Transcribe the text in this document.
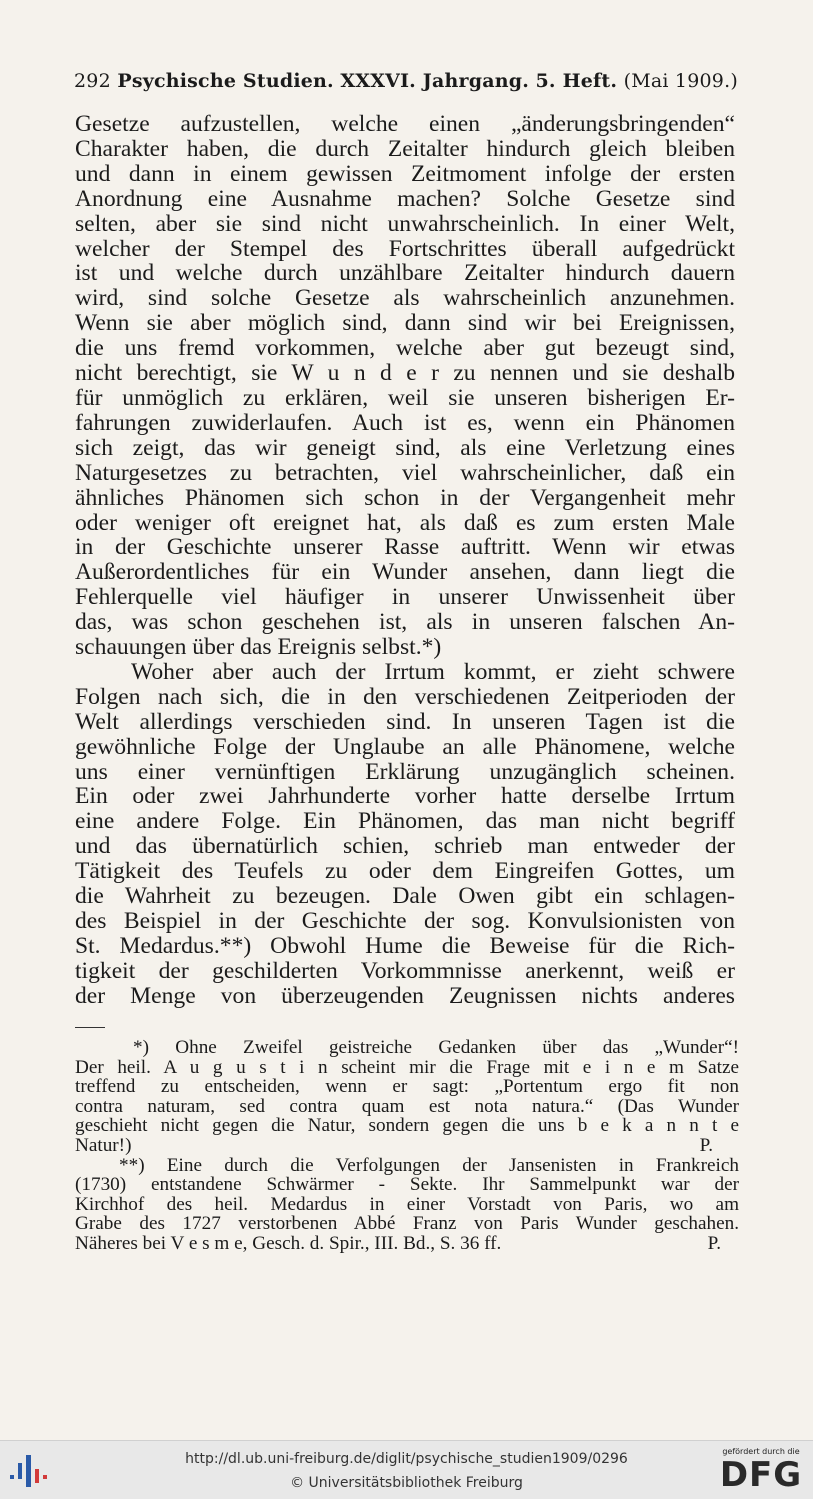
292 Psychische Studien. XXXVI. Jahrgang. 5. Heft. (Mai 1909.)
Gesetze aufzustellen, welche einen „änderungsbringenden“
Charakter haben, die durch Zeitalter hindurch gleich bleiben
und dann in einem gewissen Zeitmoment infolge der ersten
Anordnung eine Ausnahme machen? Solche Gesetze sind
selten, aber sie sind nicht unwahrscheinlich. In einer Welt,
welcher der Stempel des Fortschrittes überall aufgedrückt
ist und welche durch unzählbare Zeitalter hindurch dauern
wird, sind solche Gesetze als wahrscheinlich anzunehmen.
Wenn sie aber möglich sind, dann sind wir bei Ereignissen,
die uns fremd vorkommen, welche aber gut bezeugt sind,
nicht berechtigt, sie W u n d e r zu nennen und sie deshalb
für unmöglich zu erklären, weil sie unseren bisherigen Er-
fahrungen zuwiderlaufen. Auch ist es, wenn ein Phänomen
sich zeigt, das wir geneigt sind, als eine Verletzung eines
Naturgesetzes zu betrachten, viel wahrscheinlicher, daß ein
ähnliches Phänomen sich schon in der Vergangenheit mehr
oder weniger oft ereignet hat, als daß es zum ersten Male
in der Geschichte unserer Rasse auftritt. Wenn wir etwas
Außerordentliches für ein Wunder ansehen, dann liegt die
Fehlerquelle viel häufiger in unserer Unwissenheit über
das, was schon geschehen ist, als in unseren falschen An-
schauungen über das Ereignis selbst.*)
Woher aber auch der Irrtum kommt, er zieht schwere
Folgen nach sich, die in den verschiedenen Zeitperioden der
Welt allerdings verschieden sind. In unseren Tagen ist die
gewöhnliche Folge der Unglaube an alle Phänomene, welche
uns einer vernünftigen Erklärung unzugänglich scheinen.
Ein oder zwei Jahrhunderte vorher hatte derselbe Irrtum
eine andere Folge. Ein Phänomen, das man nicht begriff
und das übernatürlich schien, schrieb man entweder der
Tätigkeit des Teufels zu oder dem Eingreifen Gottes, um
die Wahrheit zu bezeugen. Dale Owen gibt ein schlagen-
des Beispiel in der Geschichte der sog. Konvulsionisten von
St. Medardus.**) Obwohl Hume die Beweise für die Rich-
tigkeit der geschilderten Vorkommnisse anerkennt, weiß er
der Menge von überzeugenden Zeugnissen nichts anderes
*) Ohne Zweifel geistreiche Gedanken über das „Wunder“!
Der heil. A u g u s t i n scheint mir die Frage mit e i n e m Satze
treffend zu entscheiden, wenn er sagt: „Portentum ergo fit non
contra naturam, sed contra quam est nota natura.“ (Das Wunder
geschieht nicht gegen die Natur, sondern gegen die uns b e k a n n t e
Natur!)	P.
**) Eine durch die Verfolgungen der Jansenisten in Frankreich
(1730) entstandene Schwärmer - Sekte. Ihr Sammelpunkt war der
Kirchhof des heil. Medardus in einer Vorstadt von Paris, wo am
Grabe des 1727 verstorbenen Abbé Franz von Paris Wunder geschahen.
Näheres bei V e s m e, Gesch. d. Spir., III. Bd., S. 36 ff.	P.
http://dl.ub.uni-freiburg.de/diglit/psychische_studien1909/0296
© Universitätsbibliothek Freiburg
gefördert durch die
DFG
